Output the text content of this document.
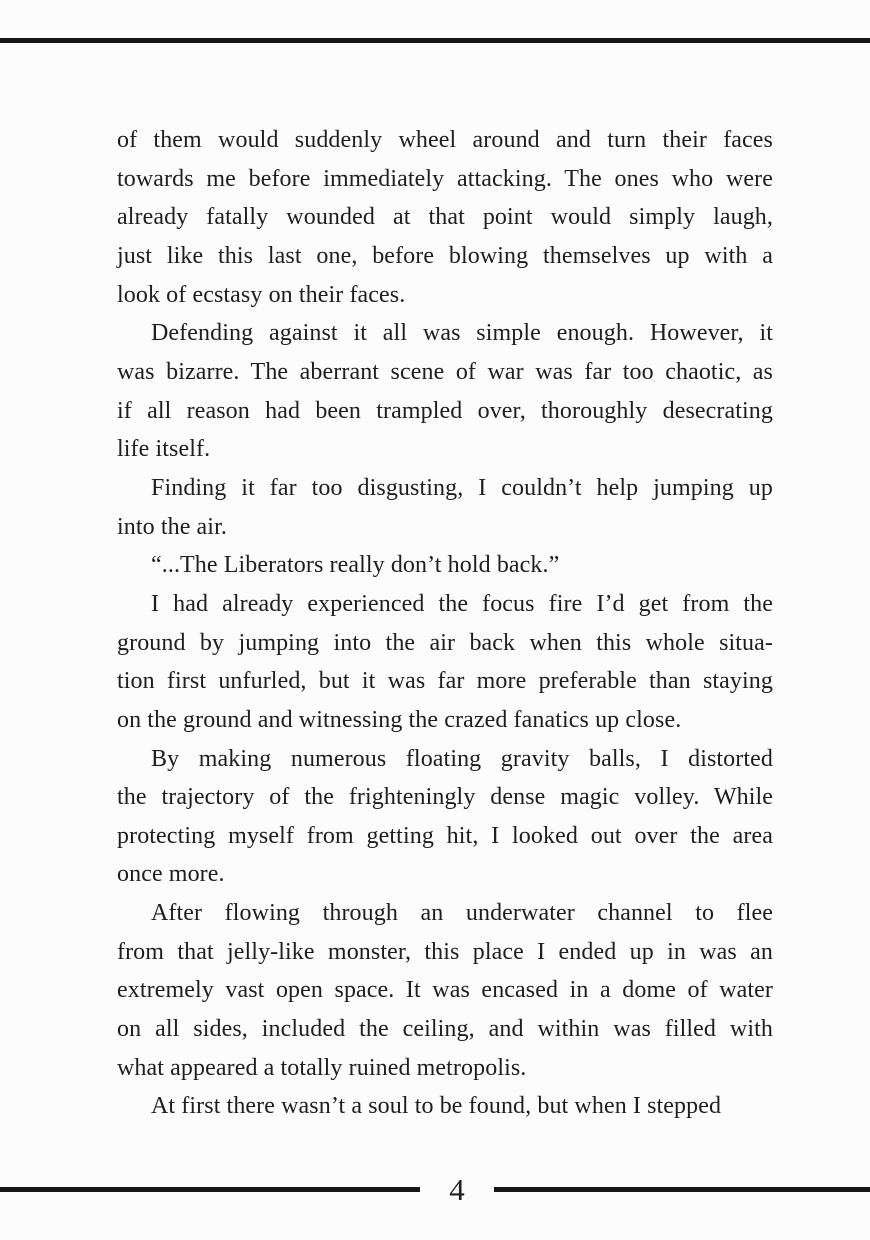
of them would suddenly wheel around and turn their faces
towards me before immediately attacking. The ones who were
already fatally wounded at that point would simply laugh,
just like this last one, before blowing themselves up with a
look of ecstasy on their faces.
Defending against it all was simple enough. However, it
was bizarre. The aberrant scene of war was far too chaotic, as
if all reason had been trampled over, thoroughly desecrating
life itself.
Finding it far too disgusting, I couldn’t help jumping up
into the air.
“...The Liberators really don’t hold back.”
I had already experienced the focus fire I’d get from the
ground by jumping into the air back when this whole situa-
tion first unfurled, but it was far more preferable than staying
on the ground and witnessing the crazed fanatics up close.
By making numerous floating gravity balls, I distorted
the trajectory of the frighteningly dense magic volley. While
protecting myself from getting hit, I looked out over the area
once more.
After flowing through an underwater channel to flee
from that jelly-like monster, this place I ended up in was an
extremely vast open space. It was encased in a dome of water
on all sides, included the ceiling, and within was filled with
what appeared a totally ruined metropolis.
At first there wasn’t a soul to be found, but when I stepped
4
